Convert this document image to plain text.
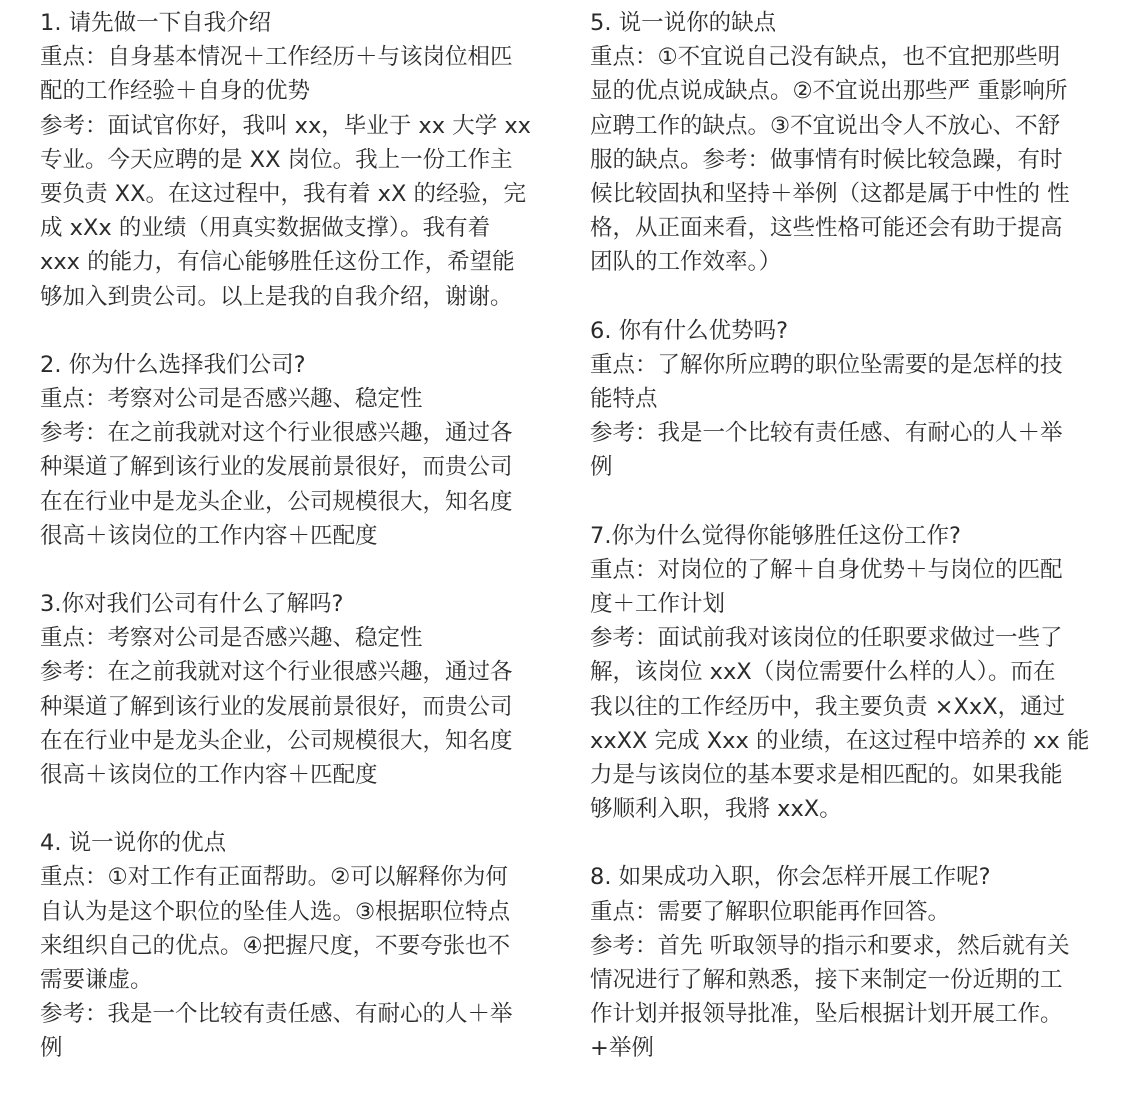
1. 请先做一下自我介绍
重点：自身基本情况＋工作经历＋与该岗位相匹
配的工作经验＋自身的优势
参考：面试官你好，我叫 xx，毕业于 xx 大学 xx
专业。今天应聘的是 XX 岗位。我上一份工作主
要负责 XX。在这过程中，我有着 xX 的经验，完
成 xXx 的业绩（用真实数据做支撑）。我有着
xxx 的能力，有信心能够胜任这份工作，希望能
够加入到贵公司。以上是我的自我介绍，谢谢。
2. 你为什么选择我们公司?
重点：考察对公司是否感兴趣、稳定性
参考：在之前我就对这个行业很感兴趣，通过各
种渠道了解到该行业的发展前景很好，而贵公司
在在行业中是龙头企业，公司规模很大，知名度
很高＋该岗位的工作内容＋匹配度
3.你对我们公司有什么了解吗?
重点：考察对公司是否感兴趣、稳定性
参考：在之前我就对这个行业很感兴趣，通过各
种渠道了解到该行业的发展前景很好，而贵公司
在在行业中是龙头企业，公司规模很大，知名度
很高＋该岗位的工作内容＋匹配度
4. 说一说你的优点
重点：①对工作有正面帮助。②可以解释你为何
自认为是这个职位的坠佳人选。③根据职位特点
来组织自己的优点。④把握尺度，不要夸张也不
需要谦虚。
参考：我是一个比较有责任感、有耐心的人＋举
例
5. 说一说你的缺点
重点：①不宜说自己没有缺点，也不宜把那些明
显的优点说成缺点。②不宜说出那些严 重影响所
应聘工作的缺点。③不宜说出令人不放心、不舒
服的缺点。参考：做事情有时候比较急躁，有时
候比较固执和坚持＋举例（这都是属于中性的 性
格，从正面来看，这些性格可能还会有助于提高
团队的工作效率。）
6. 你有什么优势吗?
重点：了解你所应聘的职位坠需要的是怎样的技
能特点
参考：我是一个比较有责任感、有耐心的人＋举
例
7.你为什么觉得你能够胜任这份工作?
重点：对岗位的了解＋自身优势＋与岗位的匹配
度＋工作计划
参考：面试前我对该岗位的任职要求做过一些了
解，该岗位 xxX（岗位需要什么样的人）。而在
我以往的工作经历中，我主要负责 ×XxX，通过
xxXX 完成 Xxx 的业绩，在这过程中培养的 xx 能
力是与该岗位的基本要求是相匹配的。如果我能
够顺利入职，我將 xxX。
8. 如果成功入职，你会怎样开展工作呢?
重点：需要了解职位职能再作回答。
参考：首先 听取领导的指示和要求，然后就有关
情况进行了解和熟悉，接下来制定一份近期的工
作计划并报领导批准，坠后根据计划开展工作。
+举例
